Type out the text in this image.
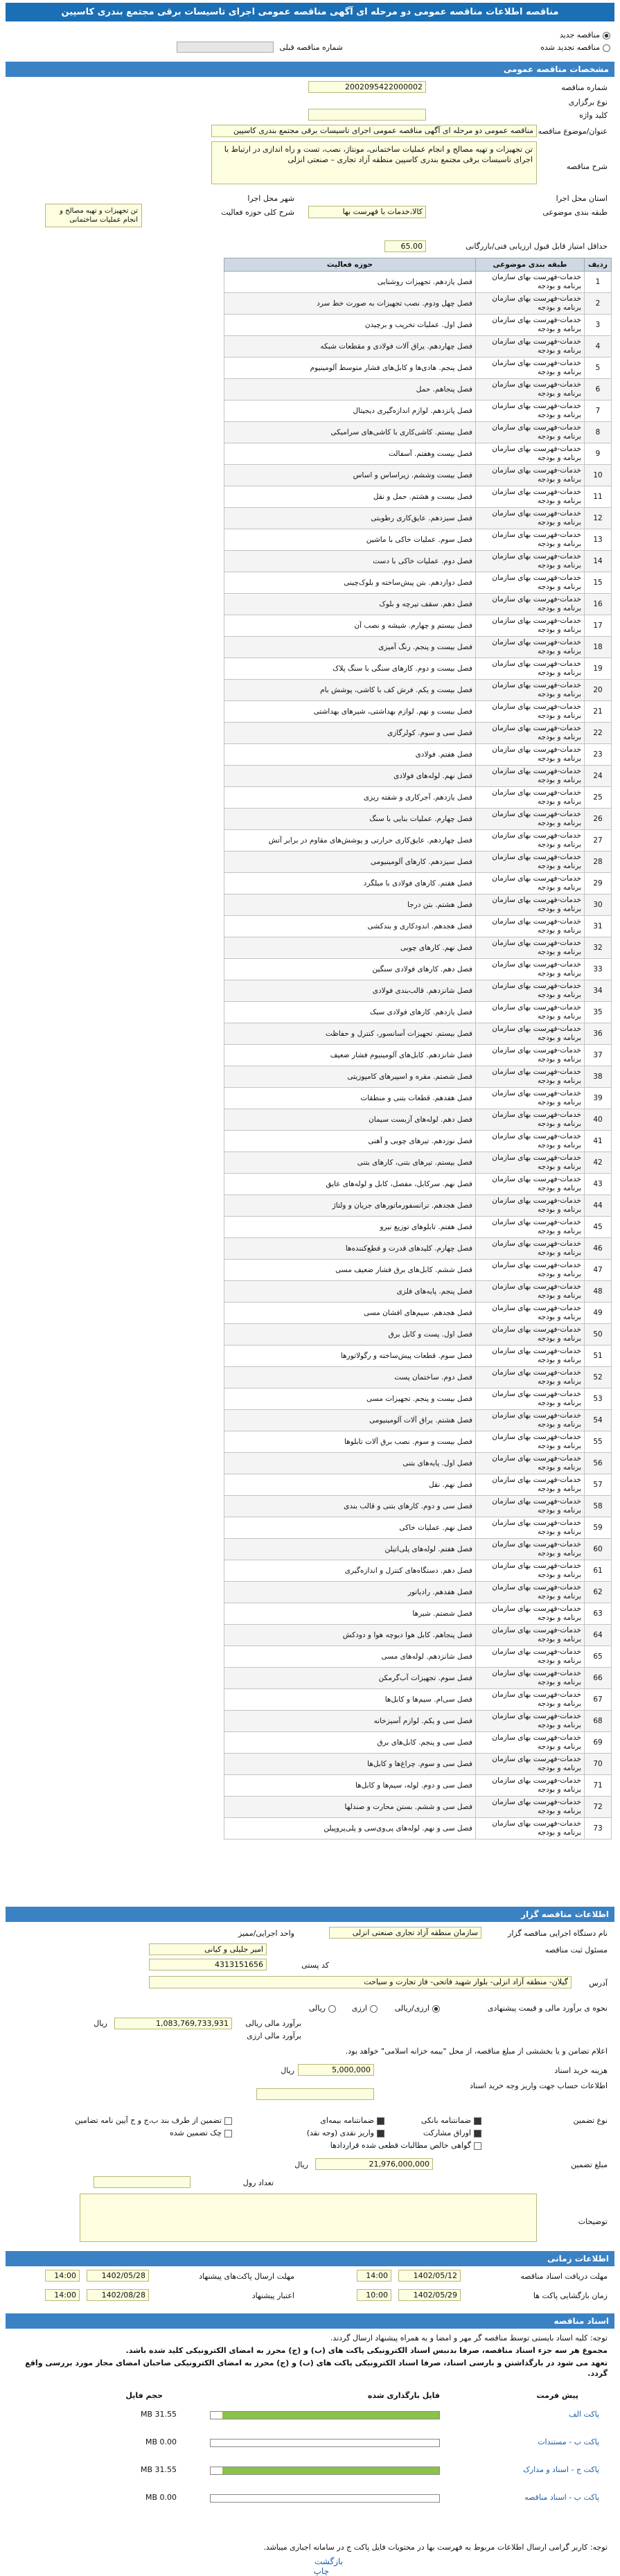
مناقصه اطلاعات مناقصه عمومی دو مرحله ای آگهی مناقصه عمومی اجرای تاسیسات برقی مجتمع بندری کاسپین
مناقصه جدید
مناقصه تجدید شده
شماره مناقصه قبلی
مشخصات مناقصه عمومی
شماره مناقصه
2002095422000002
نوع برگزاری
کلید واژه
عنوان/موضوع مناقصه
مناقصه عمومی دو مرحله ای آگهی مناقصه عمومی اجرای تاسیسات برقی مجتمع بندری کاسپین
شرح مناقصه
تن تجهیزات و تهیه مصالح و انجام عملیات ساختمانی، مونتاژ، نصب، تست و راه اندازی در ارتباط با اجرای تاسیسات برقی مجتمع بندری کاسپین منطقه آزاد تجاری – صنعتی انزلی
استان محل اجرا
شهر محل اجرا
طبقه بندی موضوعی
کالا،خدمات با فهرست بها
شرح کلی حوزه فعالیت
تن تجهیزات و تهیه مصالح و انجام عملیات ساختمانی
حداقل امتیاز قابل قبول ارزیابی فنی/بازرگانی
65.00
ردیف	طبقه بندی موضوعی	حوزه فعالیت
1	خدمات-فهرست بهای سازمان برنامه و بودجه	فصل یازدهم. تجهیزات روشنایی
2	خدمات-فهرست بهای سازمان برنامه و بودجه	فصل چهل ودوم. نصب تجهیزات به صورت خط سرد
3	خدمات-فهرست بهای سازمان برنامه و بودجه	فصل اول. عملیات تخریب و برچیدن
4	خدمات-فهرست بهای سازمان برنامه و بودجه	فصل چهاردهم. یراق آلات فولادی و مقطعات شبکه
5	خدمات-فهرست بهای سازمان برنامه و بودجه	فصل پنجم. هادی‌ها و کابل‌های فشار متوسط آلومینیوم
6	خدمات-فهرست بهای سازمان برنامه و بودجه	فصل پنجاهم. حمل
7	خدمات-فهرست بهای سازمان برنامه و بودجه	فصل پانزدهم. لوازم اندازه‌گیری دیجیتال
8	خدمات-فهرست بهای سازمان برنامه و بودجه	فصل بیستم. کاشی‌کاری با کاشی‌های سرامیکی
9	خدمات-فهرست بهای سازمان برنامه و بودجه	فصل بیست وهفتم. آسفالت
10	خدمات-فهرست بهای سازمان برنامه و بودجه	فصل بیست وششم. زیراساس و اساس
11	خدمات-فهرست بهای سازمان برنامه و بودجه	فصل بیست و هشتم. حمل و نقل
12	خدمات-فهرست بهای سازمان برنامه و بودجه	فصل سیزدهم. عایق‌کاری رطوبتی
13	خدمات-فهرست بهای سازمان برنامه و بودجه	فصل سوم. عملیات خاکی با ماشین
14	خدمات-فهرست بهای سازمان برنامه و بودجه	فصل دوم. عملیات خاکی با دست
15	خدمات-فهرست بهای سازمان برنامه و بودجه	فصل دوازدهم. بتن پیش‌ساخته و بلوک‌چینی
16	خدمات-فهرست بهای سازمان برنامه و بودجه	فصل دهم. سقف تیرچه و بلوک
17	خدمات-فهرست بهای سازمان برنامه و بودجه	فصل بیستم و چهارم. شیشه و نصب آن
18	خدمات-فهرست بهای سازمان برنامه و بودجه	فصل بیست و پنجم. رنگ آمیزی
19	خدمات-فهرست بهای سازمان برنامه و بودجه	فصل بیست و دوم. کارهای سنگی با سنگ پلاک
20	خدمات-فهرست بهای سازمان برنامه و بودجه	فصل بیست و یکم. فرش کف با کاشی، پوشش بام
21	خدمات-فهرست بهای سازمان برنامه و بودجه	فصل بیست و نهم. لوازم بهداشتی، شیرهای بهداشتی
22	خدمات-فهرست بهای سازمان برنامه و بودجه	فصل سی و سوم. کولرگازی
23	خدمات-فهرست بهای سازمان برنامه و بودجه	فصل هفتم. فولادی
24	خدمات-فهرست بهای سازمان برنامه و بودجه	فصل نهم. لوله‌های فولادی
25	خدمات-فهرست بهای سازمان برنامه و بودجه	فصل یازدهم. آجرکاری و شفته ریزی
26	خدمات-فهرست بهای سازمان برنامه و بودجه	فصل چهارم. عملیات بنایی با سنگ
27	خدمات-فهرست بهای سازمان برنامه و بودجه	فصل چهاردهم. عایق‌کاری حرارتی و پوشش‌های مقاوم در برابر آتش
28	خدمات-فهرست بهای سازمان برنامه و بودجه	فصل سیزدهم. کارهای آلومینیومی
29	خدمات-فهرست بهای سازمان برنامه و بودجه	فصل هفتم. کارهای فولادی با میلگرد
30	خدمات-فهرست بهای سازمان برنامه و بودجه	فصل هشتم. بتن درجا
31	خدمات-فهرست بهای سازمان برنامه و بودجه	فصل هجدهم. اندودکاری و بندکشی
32	خدمات-فهرست بهای سازمان برنامه و بودجه	فصل نهم. کارهای چوبی
33	خدمات-فهرست بهای سازمان برنامه و بودجه	فصل دهم. کارهای فولادی سنگین
34	خدمات-فهرست بهای سازمان برنامه و بودجه	فصل شانزدهم. قالب‌بندی فولادی
35	خدمات-فهرست بهای سازمان برنامه و بودجه	فصل یازدهم. کارهای فولادی سبک
36	خدمات-فهرست بهای سازمان برنامه و بودجه	فصل بیستم. تجهیزات آسانسور، کنترل و حفاظت
37	خدمات-فهرست بهای سازمان برنامه و بودجه	فصل شانزدهم. کابل‌های آلومینیوم فشار ضعیف
38	خدمات-فهرست بهای سازمان برنامه و بودجه	فصل شصتم. مقره و اسپیرهای کامپوزیتی
39	خدمات-فهرست بهای سازمان برنامه و بودجه	فصل هفدهم. قطعات بتنی و منطقات
40	خدمات-فهرست بهای سازمان برنامه و بودجه	فصل دهم. لوله‌های آزبست سیمان
41	خدمات-فهرست بهای سازمان برنامه و بودجه	فصل نوزدهم. تیرهای چوبی و آهنی
42	خدمات-فهرست بهای سازمان برنامه و بودجه	فصل بیستم. تیرهای بتنی، کارهای بتنی
43	خدمات-فهرست بهای سازمان برنامه و بودجه	فصل نهم. سرکابل، مفصل، کابل و لوله‌های عایق
44	خدمات-فهرست بهای سازمان برنامه و بودجه	فصل هجدهم. ترانسفورماتورهای جریان و ولتاژ
45	خدمات-فهرست بهای سازمان برنامه و بودجه	فصل هفتم. تابلوهای توزیع نیرو
46	خدمات-فهرست بهای سازمان برنامه و بودجه	فصل چهارم. کلیدهای قدرت و قطع‌کننده‌ها
47	خدمات-فهرست بهای سازمان برنامه و بودجه	فصل ششم. کابل‌های برق فشار ضعیف مسی
48	خدمات-فهرست بهای سازمان برنامه و بودجه	فصل پنجم. پایه‌های فلزی
49	خدمات-فهرست بهای سازمان برنامه و بودجه	فصل هجدهم. سیم‌های افشان مسی
50	خدمات-فهرست بهای سازمان برنامه و بودجه	فصل اول. پست و کابل برق
51	خدمات-فهرست بهای سازمان برنامه و بودجه	فصل سوم. قطعات پیش‌ساخته و رگولاتورها
52	خدمات-فهرست بهای سازمان برنامه و بودجه	فصل دوم. ساختمان پست
53	خدمات-فهرست بهای سازمان برنامه و بودجه	فصل بیست و پنجم. تجهیزات مسی
54	خدمات-فهرست بهای سازمان برنامه و بودجه	فصل هشتم. یراق آلات آلومینیومی
55	خدمات-فهرست بهای سازمان برنامه و بودجه	فصل بیست و سوم. نصب برق آلات تابلوها
56	خدمات-فهرست بهای سازمان برنامه و بودجه	فصل اول. پایه‌های بتنی
57	خدمات-فهرست بهای سازمان برنامه و بودجه	فصل نهم. نقل
58	خدمات-فهرست بهای سازمان برنامه و بودجه	فصل سی و دوم. کارهای بتنی و قالب بندی
59	خدمات-فهرست بهای سازمان برنامه و بودجه	فصل نهم. عملیات خاکی
60	خدمات-فهرست بهای سازمان برنامه و بودجه	فصل هفتم. لوله‌های پلی‌اتیلن
61	خدمات-فهرست بهای سازمان برنامه و بودجه	فصل دهم. دستگاه‌های کنترل و اندازه‌گیری
62	خدمات-فهرست بهای سازمان برنامه و بودجه	فصل هفدهم. رادیاتور
63	خدمات-فهرست بهای سازمان برنامه و بودجه	فصل شصتم. شیرها
64	خدمات-فهرست بهای سازمان برنامه و بودجه	فصل پنجاهم. کابل هوا دیوچه هوا و دودکش
65	خدمات-فهرست بهای سازمان برنامه و بودجه	فصل شانزدهم. لوله‌های مسی
66	خدمات-فهرست بهای سازمان برنامه و بودجه	فصل سوم. تجهیزات آب‌گرمکن
67	خدمات-فهرست بهای سازمان برنامه و بودجه	فصل سی‌ام. سیم‌ها و کابل‌ها
68	خدمات-فهرست بهای سازمان برنامه و بودجه	فصل سی و یکم. لوازم آسیزخانه
69	خدمات-فهرست بهای سازمان برنامه و بودجه	فصل سی و پنجم. کابل‌های برق
70	خدمات-فهرست بهای سازمان برنامه و بودجه	فصل سی و سوم. چراغ‌ها و کابل‌ها
71	خدمات-فهرست بهای سازمان برنامه و بودجه	فصل سی و دوم. لوله، سیم‌ها و کابل‌ها
72	خدمات-فهرست بهای سازمان برنامه و بودجه	فصل سی و ششم. بستن محارت و صندلها
73	خدمات-فهرست بهای سازمان برنامه و بودجه	فصل سی و نهم. لوله‌های پی‌وی‌سی و پلی‌پروپیلن
اطلاعات مناقصه گزار
نام دستگاه اجرایی مناقصه گزار
سازمان منطقه آزاد تجاری صنعتی انزلی
واحد اجرایی/ممیز
مسئول ثبت مناقصه
امیر جلیلی و کیانی
کد پستی
4313151656
آدرس
گیلان- منطقه آزاد انزلی- بلوار شهید فاتحی- فاز تجارت و سیاحت
نحوه ی برآورد مالی و قیمت پیشنهادی
ارزی/ریالی
ارزی
ریالی
برآورد مالی ریالی
1,083,769,733,931
ریال
برآورد مالی ارزی
اعلام تضامن و یا بخششی از مبلغ مناقصه، از محل "بیمه خزانه اسلامی" خواهد بود.
هزینه خرید اسناد
5,000,000
ریال
اطلاعات حساب جهت واریز وجه خرید اسناد
نوع تضمین
ضمانتنامه بانکی
ضمانتنامه بیمه‌ای
واریز نقدی (وجه نقد)	اوراق مشارکت
گواهی خالص مطالبات قطعی شده قراردادها
تضمین از طرف بند ب،ج و ح آیین نامه تضامین
چک تضمین شده
مبلغ تضمین
21,976,000,000
ریال
تعداد رول
توضیحات
اطلاعات زمانی
مهلت دریافت اسناد مناقصه
1402/05/12
14:00
مهلت ارسال پاکت‌های پیشنهاد
1402/05/28
14:00
زمان بازگشایی پاکت ها
1402/05/29
10:00
اعتبار پیشنهاد
1402/08/28
14:00
اسناد مناقصه
توجه: کلیه اسناد بایستی توسط مناقصه گر مهر و امضا و به همراه پیشنهاد ارسال گردند.
مجموع هر سه جزء اسناد مناقصه، صرفا بدنبس اسناد الکترونیکی پاکت های (ب) و (ج) محرز به امضای الکترونیکی کلید شده باشد.
تعهد می شود در بارگذاشتن و بارسی اسناد، صرفا اسناد الکترونیکی پاکت های (ب) و (ج) محرز به امضای الکترونیکی صاحبان امضای مجاز مورد بررسی واقع گردد.
پیش فرمت
فایل بارگذاری شده
حجم فایل
پاکت الف
31.55 MB
پاکت ب - مستندات
0.00 MB
پاکت ج - اسناد و مدارک
31.55 MB
پاکت ب - اسناد مناقصه
0.00 MB
توجه: کاربر گرامی ارسال اطلاعات مربوط به فهرست بها در محتویات فایل پاکت ج در سامانه اجباری میباشد.
بازگشت
چاپ
